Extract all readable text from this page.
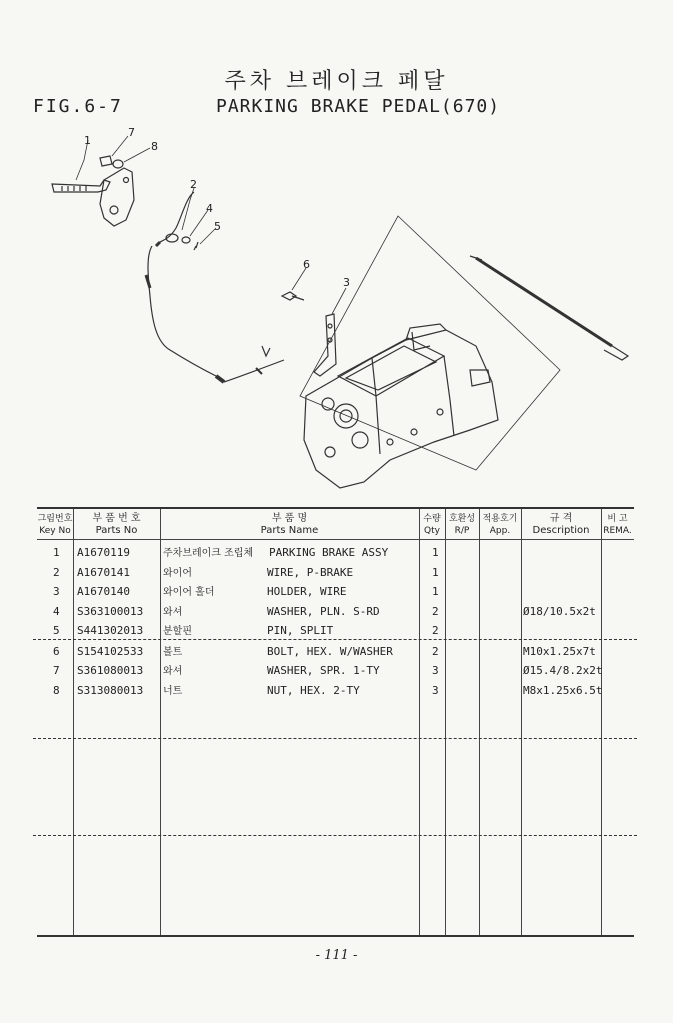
주차 브레이크 페달
FIG.6-7	PARKING BRAKE PEDAL(670)
1
7
8
2
4
5
6
3
그림번호
Key No
부 품 번 호
Parts No
부 품 명
Parts Name
수량
Qty
호환성
R/P
적용호기
App.
규 격
Description
비 고
REMA.
1 A1670119	주차브레이크 조립체 PARKING BRAKE ASSY	1
2 A1670141	와이어	WIRE, P-BRAKE	1
3 A1670140	와이어 홀더	HOLDER, WIRE	1
4 S363100013 와셔	WASHER, PLN. S-RD	2	Ø18/10.5x2t
5 S441302013 분할핀	PIN, SPLIT	2
6 S154102533 볼트	BOLT, HEX. W/WASHER	2	M10x1.25x7t
7 S361080013 와셔	WASHER, SPR. 1-TY	3	Ø15.4/8.2x2t
8 S313080013 너트	NUT, HEX. 2-TY	3	M8x1.25x6.5t
- 111 -
